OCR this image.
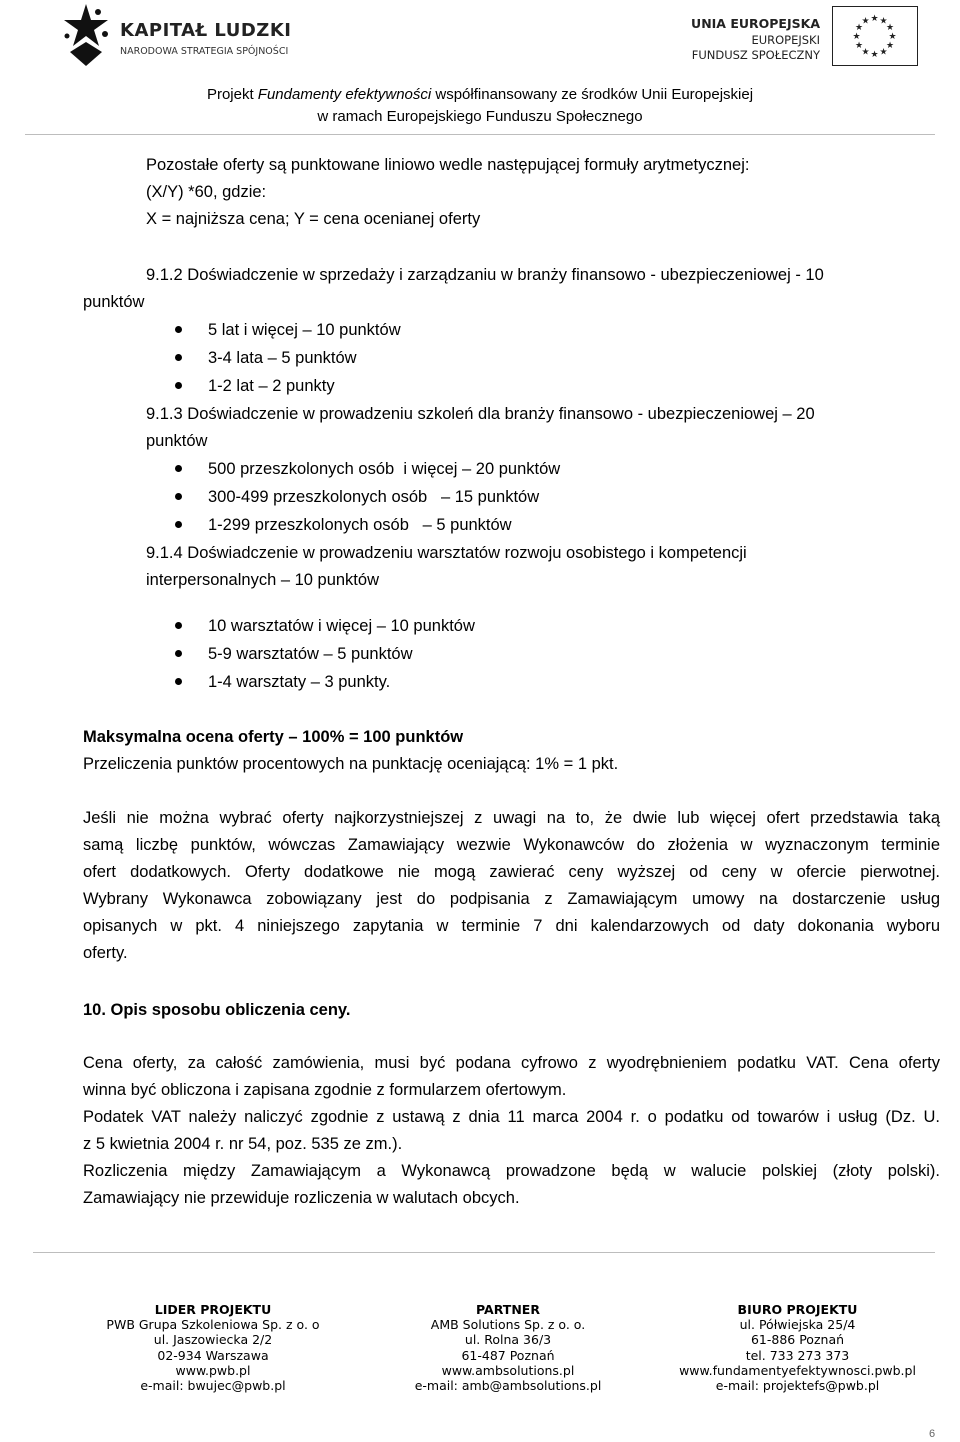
KAPITAŁ LUDZKI
NARODOWA STRATEGIA SPÓJNOŚCI
UNIA EUROPEJSKA
EUROPEJSKI
FUNDUSZ SPOŁECZNY
★ ★
★
★
★
★
★
★
★
★
★
★
Projekt Fundamenty efektywności współfinansowany ze środków Unii Europejskiej
w ramach Europejskiego Funduszu Społecznego
Pozostałe oferty są punktowane liniowo wedle następującej formuły arytmetycznej:
(X/Y) *60, gdzie:
X = najniższa cena; Y = cena ocenianej oferty
9.1.2 Doświadczenie w sprzedaży i zarządzaniu w branży finansowo - ubezpieczeniowej - 10
punktów
5 lat i więcej – 10 punktów
3-4 lata – 5 punktów
1-2 lat – 2 punkty
9.1.3 Doświadczenie w prowadzeniu szkoleń dla branży finansowo - ubezpieczeniowej – 20
punktów
500 przeszkolonych osób  i więcej – 20 punktów
300-499 przeszkolonych osób   – 15 punktów
1-299 przeszkolonych osób   – 5 punktów
9.1.4 Doświadczenie w prowadzeniu warsztatów rozwoju osobistego i kompetencji
interpersonalnych – 10 punktów
10 warsztatów i więcej – 10 punktów
5-9 warsztatów – 5 punktów
1-4 warsztaty – 3 punkty.
Maksymalna ocena oferty – 100% = 100 punktów
Przeliczenia punktów procentowych na punktację oceniającą: 1% = 1 pkt.
Jeśli nie można wybrać oferty najkorzystniejszej z uwagi na to, że dwie lub więcej ofert przedstawia taką
samą liczbę punktów, wówczas Zamawiający wezwie Wykonawców do złożenia w wyznaczonym terminie
ofert dodatkowych. Oferty dodatkowe nie mogą zawierać ceny wyższej od ceny w ofercie pierwotnej.
Wybrany Wykonawca zobowiązany jest do podpisania z Zamawiającym umowy na dostarczenie usług
opisanych w pkt. 4 niniejszego zapytania w terminie 7 dni kalendarzowych od daty dokonania wyboru
oferty.
10. Opis sposobu obliczenia ceny.
Cena oferty, za całość zamówienia, musi być podana cyfrowo z wyodrębnieniem podatku VAT. Cena oferty
winna być obliczona i zapisana zgodnie z formularzem ofertowym.
Podatek VAT należy naliczyć zgodnie z ustawą z dnia 11 marca 2004 r. o podatku od towarów i usług (Dz. U.
z 5 kwietnia 2004 r. nr 54, poz. 535 ze zm.).
Rozliczenia między Zamawiającym a Wykonawcą prowadzone będą w walucie polskiej (złoty polski).
Zamawiający nie przewiduje rozliczenia w walutach obcych.
LIDER PROJEKTU
PWB Grupa Szkoleniowa Sp. z o. o
ul. Jaszowiecka 2/2
02-934 Warszawa
www.pwb.pl
e-mail: bwujec@pwb.pl
PARTNER
AMB Solutions Sp. z o. o.
ul. Rolna 36/3
61-487 Poznań
www.ambsolutions.pl
e-mail: amb@ambsolutions.pl
BIURO PROJEKTU
ul. Półwiejska 25/4
61-886 Poznań
tel. 733 273 373
www.fundamentyefektywnosci.pwb.pl
e-mail: projektefs@pwb.pl
6
